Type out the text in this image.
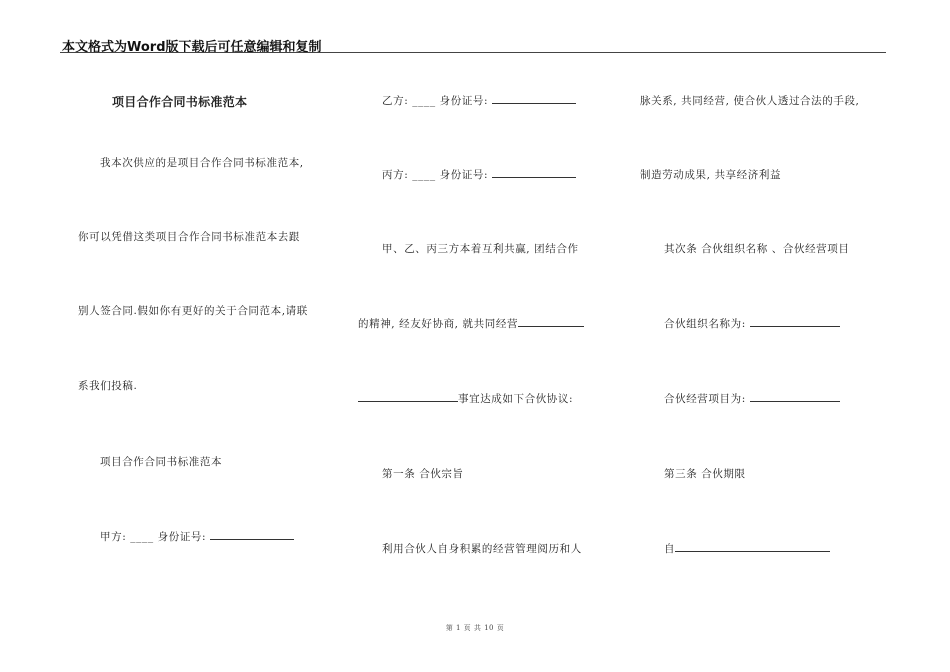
本文格式为Word版下载后可任意编辑和复制
项目合作合同书标准范本
我本次供应的是项目合作合同书标准范本,
你可以凭借这类项目合作合同书标准范本去跟
别人签合同.假如你有更好的关于合同范本,请联
系我们投稿.
项目合作合同书标准范本
甲方: ____ 身份证号:
乙方: ____ 身份证号:
丙方: ____ 身份证号:
甲、乙、丙三方本着互利共赢, 团结合作
的精神, 经友好协商, 就共同经营
事宜达成如下合伙协议:
第一条 合伙宗旨
利用合伙人自身积累的经营管理阅历和人
脉关系, 共同经营, 使合伙人透过合法的手段,
制造劳动成果, 共享经济利益
其次条 合伙组织名称 、合伙经营项目
合伙组织名称为:
合伙经营项目为:
第三条 合伙期限
自
第 1 页 共 10 页
